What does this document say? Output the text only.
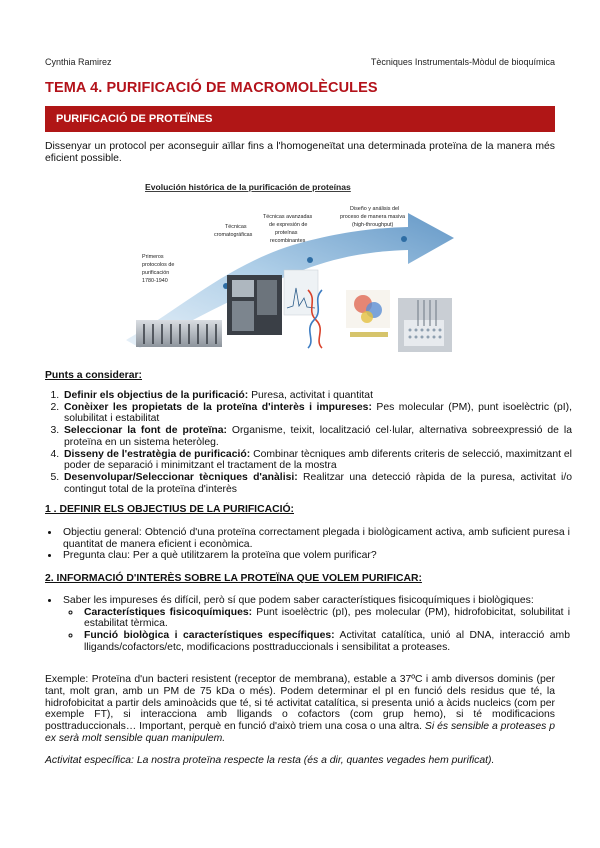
Cynthia Ramirez	Tècniques Instrumentals-Mòdul de bioquímica
TEMA 4. PURIFICACIÓ DE MACROMOLÈCULES
PURIFICACIÓ DE PROTEÏNES
Dissenyar un protocol per aconseguir aïllar fins a l'homogeneïtat una determinada proteïna de la manera més eficient possible.
Evolución histórica de la purificación de proteínas
Primeros
protocolos de
purificación
1780-1940
Técnicas
cromatográficas
Técnicas avanzadas
de expresión de
proteínas
recombinantes
Diseño y análisis del
proceso de manera masiva
(high-throughput)
Punts a considerar:
1. Definir els objectius de la purificació: Puresa, activitat i quantitat
2. Conèixer les propietats de la proteïna d'interès i impureses: Pes molecular (PM), punt isoelèctric (pI), solubilitat i estabilitat
3. Seleccionar la font de proteïna: Organisme, teixit, localització cel·lular, alternativa sobreexpressió de la proteïna en un sistema heteròleg.
4. Disseny de l'estratègia de purificació: Combinar tècniques amb diferents criteris de selecció, maximitzant el poder de separació i minimitzant el tractament de la mostra
5. Desenvolupar/Seleccionar tècniques d'anàlisi: Realitzar una detecció ràpida de la puresa, activitat i/o contingut total de la proteïna d'interès
1 . DEFINIR ELS OBJECTIUS DE LA PURIFICACIÓ:
• Objectiu general: Obtenció d'una proteïna correctament plegada i biològicament activa, amb suficient puresa i quantitat de manera eficient i econòmica.
• Pregunta clau: Per a què utilitzarem la proteïna que volem purificar?
2. INFORMACIÓ D'INTERÈS SOBRE LA PROTEÏNA QUE VOLEM PURIFICAR:
• Saber les impureses és difícil, però sí que podem saber característiques fisicoquímiques i biològiques:
◦ Característiques fisicoquímiques: Punt isoelèctric (pI), pes molecular (PM), hidrofobicitat, solubilitat i estabilitat tèrmica.
◦ Funció biològica i característiques específiques: Activitat catalítica, unió al DNA, interacció amb lligands/cofactors/etc, modificacions posttraduccionals i sensibilitat a proteases.
Exemple: Proteïna d'un bacteri resistent (receptor de membrana), estable a 37ºC i amb diversos dominis (per tant, molt gran, amb un PM de 75 kDa o més). Podem determinar el pI en funció dels residus que té, la hidrofobicitat a partir dels aminoàcids que té, si té activitat catalítica, si presenta unió a àcids nucleics (com per exemple FT), si interacciona amb lligands o cofactors (com grup hemo), si té modificacions posttraduccionals… Important, perquè en funció d'això triem una cosa o una altra. Si és sensible a proteases p ex serà molt sensible quan manipulem.
Activitat específica: La nostra proteïna respecte la resta (és a dir, quantes vegades hem purificat).
